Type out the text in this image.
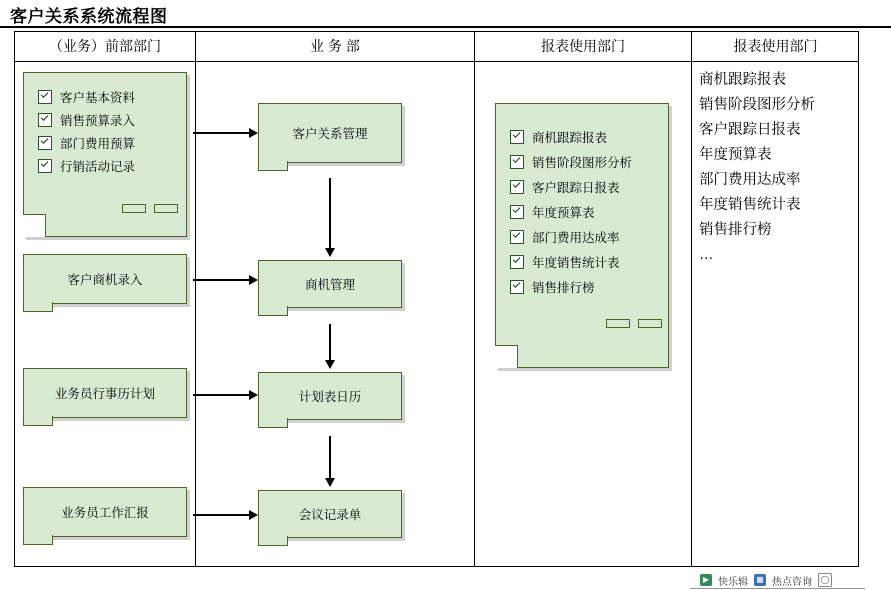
客户关系系统流程图
（业务）前部部门	业 务 部	报表使用部门	报表使用部门
客户基本资料
销售预算录入
部门费用预算
行销活动记录
客户商机录入
业务员行事历计划
业务员工作汇报
客户关系管理
商机管理
计划表日历
会议记录单
商机跟踪报表
销售阶段图形分析
客户跟踪日报表
年度预算表
部门费用达成率
年度销售统计表
销售排行榜
商机跟踪报表
销售阶段图形分析
客户跟踪日报表
年度预算表
部门费用达成率
年度销售统计表
销售排行榜
…
▶ 快乐辑 ▦ 热点咨询	◯
